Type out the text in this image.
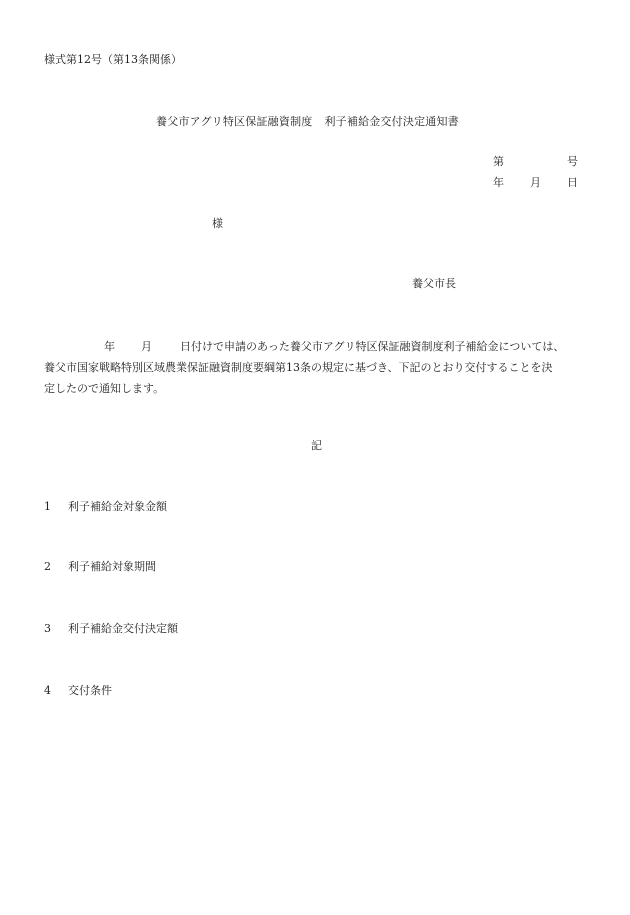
様式第12号（第13条関係）
養父市アグリ特区保証融資制度 利子補給金交付決定通知書
第	号
年 月 日
様
養父市長
年 月	日付けで申請のあった養父市アグリ特区保証融資制度利子補給金については、
養父市国家戦略特別区域農業保証融資制度要綱第13条の規定に基づき、下記のとおり交付することを決
定したので通知します。
記
1 利子補給金対象金額
2 利子補給対象期間
3 利子補給金交付決定額
4 交付条件
